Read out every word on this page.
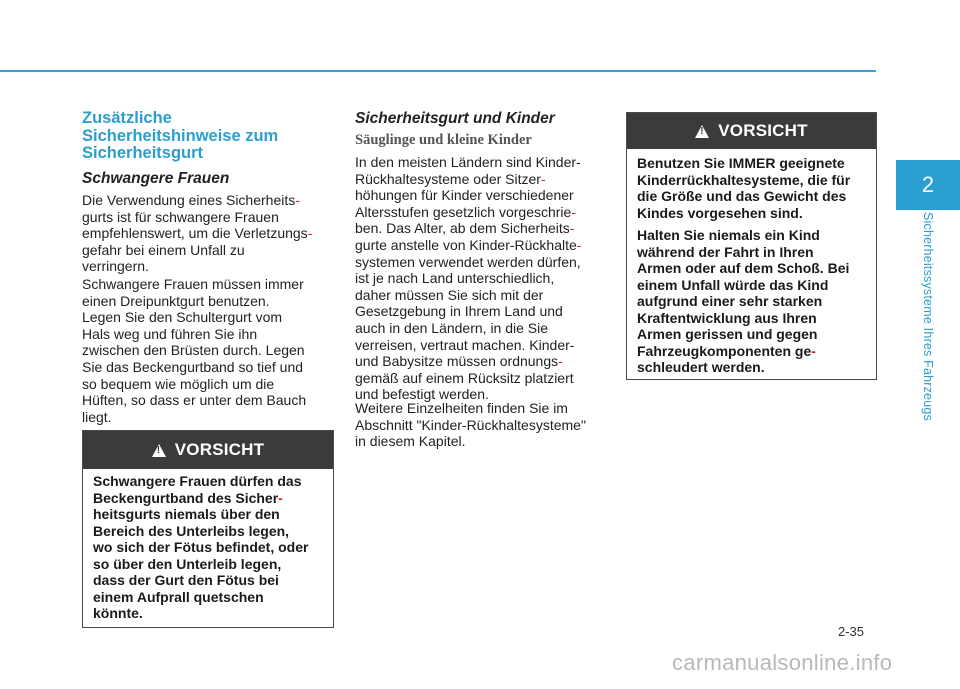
Zusätzliche
Sicherheitshinweise zum
Sicherheitsgurt
Schwangere Frauen
Die Verwendung eines Sicherheits-
gurts ist für schwangere Frauen
empfehlenswert, um die Verletzungs-
gefahr bei einem Unfall zu
verringern.
Schwangere Frauen müssen immer
einen Dreipunktgurt benutzen.
Legen Sie den Schultergurt vom
Hals weg und führen Sie ihn
zwischen den Brüsten durch. Legen
Sie das Beckengurtband so tief und
so bequem wie möglich um die
Hüften, so dass er unter dem Bauch
liegt.
!
VORSICHT
Schwangere Frauen dürfen das
Beckengurtband des Sicher-
heitsgurts niemals über den
Bereich des Unterleibs legen,
wo sich der Fötus befindet, oder
so über den Unterleib legen,
dass der Gurt den Fötus bei
einem Aufprall quetschen
könnte.
Sicherheitsgurt und Kinder
Säuglinge und kleine Kinder
In den meisten Ländern sind Kinder-
Rückhaltesysteme oder Sitzer-
höhungen für Kinder verschiedener
Altersstufen gesetzlich vorgeschrie-
ben. Das Alter, ab dem Sicherheits-
gurte anstelle von Kinder-Rückhalte-
systemen verwendet werden dürfen,
ist je nach Land unterschiedlich,
daher müssen Sie sich mit der
Gesetzgebung in Ihrem Land und
auch in den Ländern, in die Sie
verreisen, vertraut machen. Kinder-
und Babysitze müssen ordnungs-
gemäß auf einem Rücksitz platziert
und befestigt werden.
Weitere Einzelheiten finden Sie im
Abschnitt "Kinder-Rückhaltesysteme"
in diesem Kapitel.
!
VORSICHT

Benutzen Sie IMMER geeignete
Kinderrückhaltesysteme, die für
die Größe und das Gewicht des
Kindes vorgesehen sind.

Halten Sie niemals ein Kind
während der Fahrt in Ihren
Armen oder auf dem Schoß. Bei
einem Unfall würde das Kind
aufgrund einer sehr starken
Kraftentwicklung aus Ihren
Armen gerissen und gegen
Fahrzeugkomponenten ge-
schleudert werden.

2
Sicherheitssysteme Ihres Fahrzeugs
2-35
carmanualsonline.info
